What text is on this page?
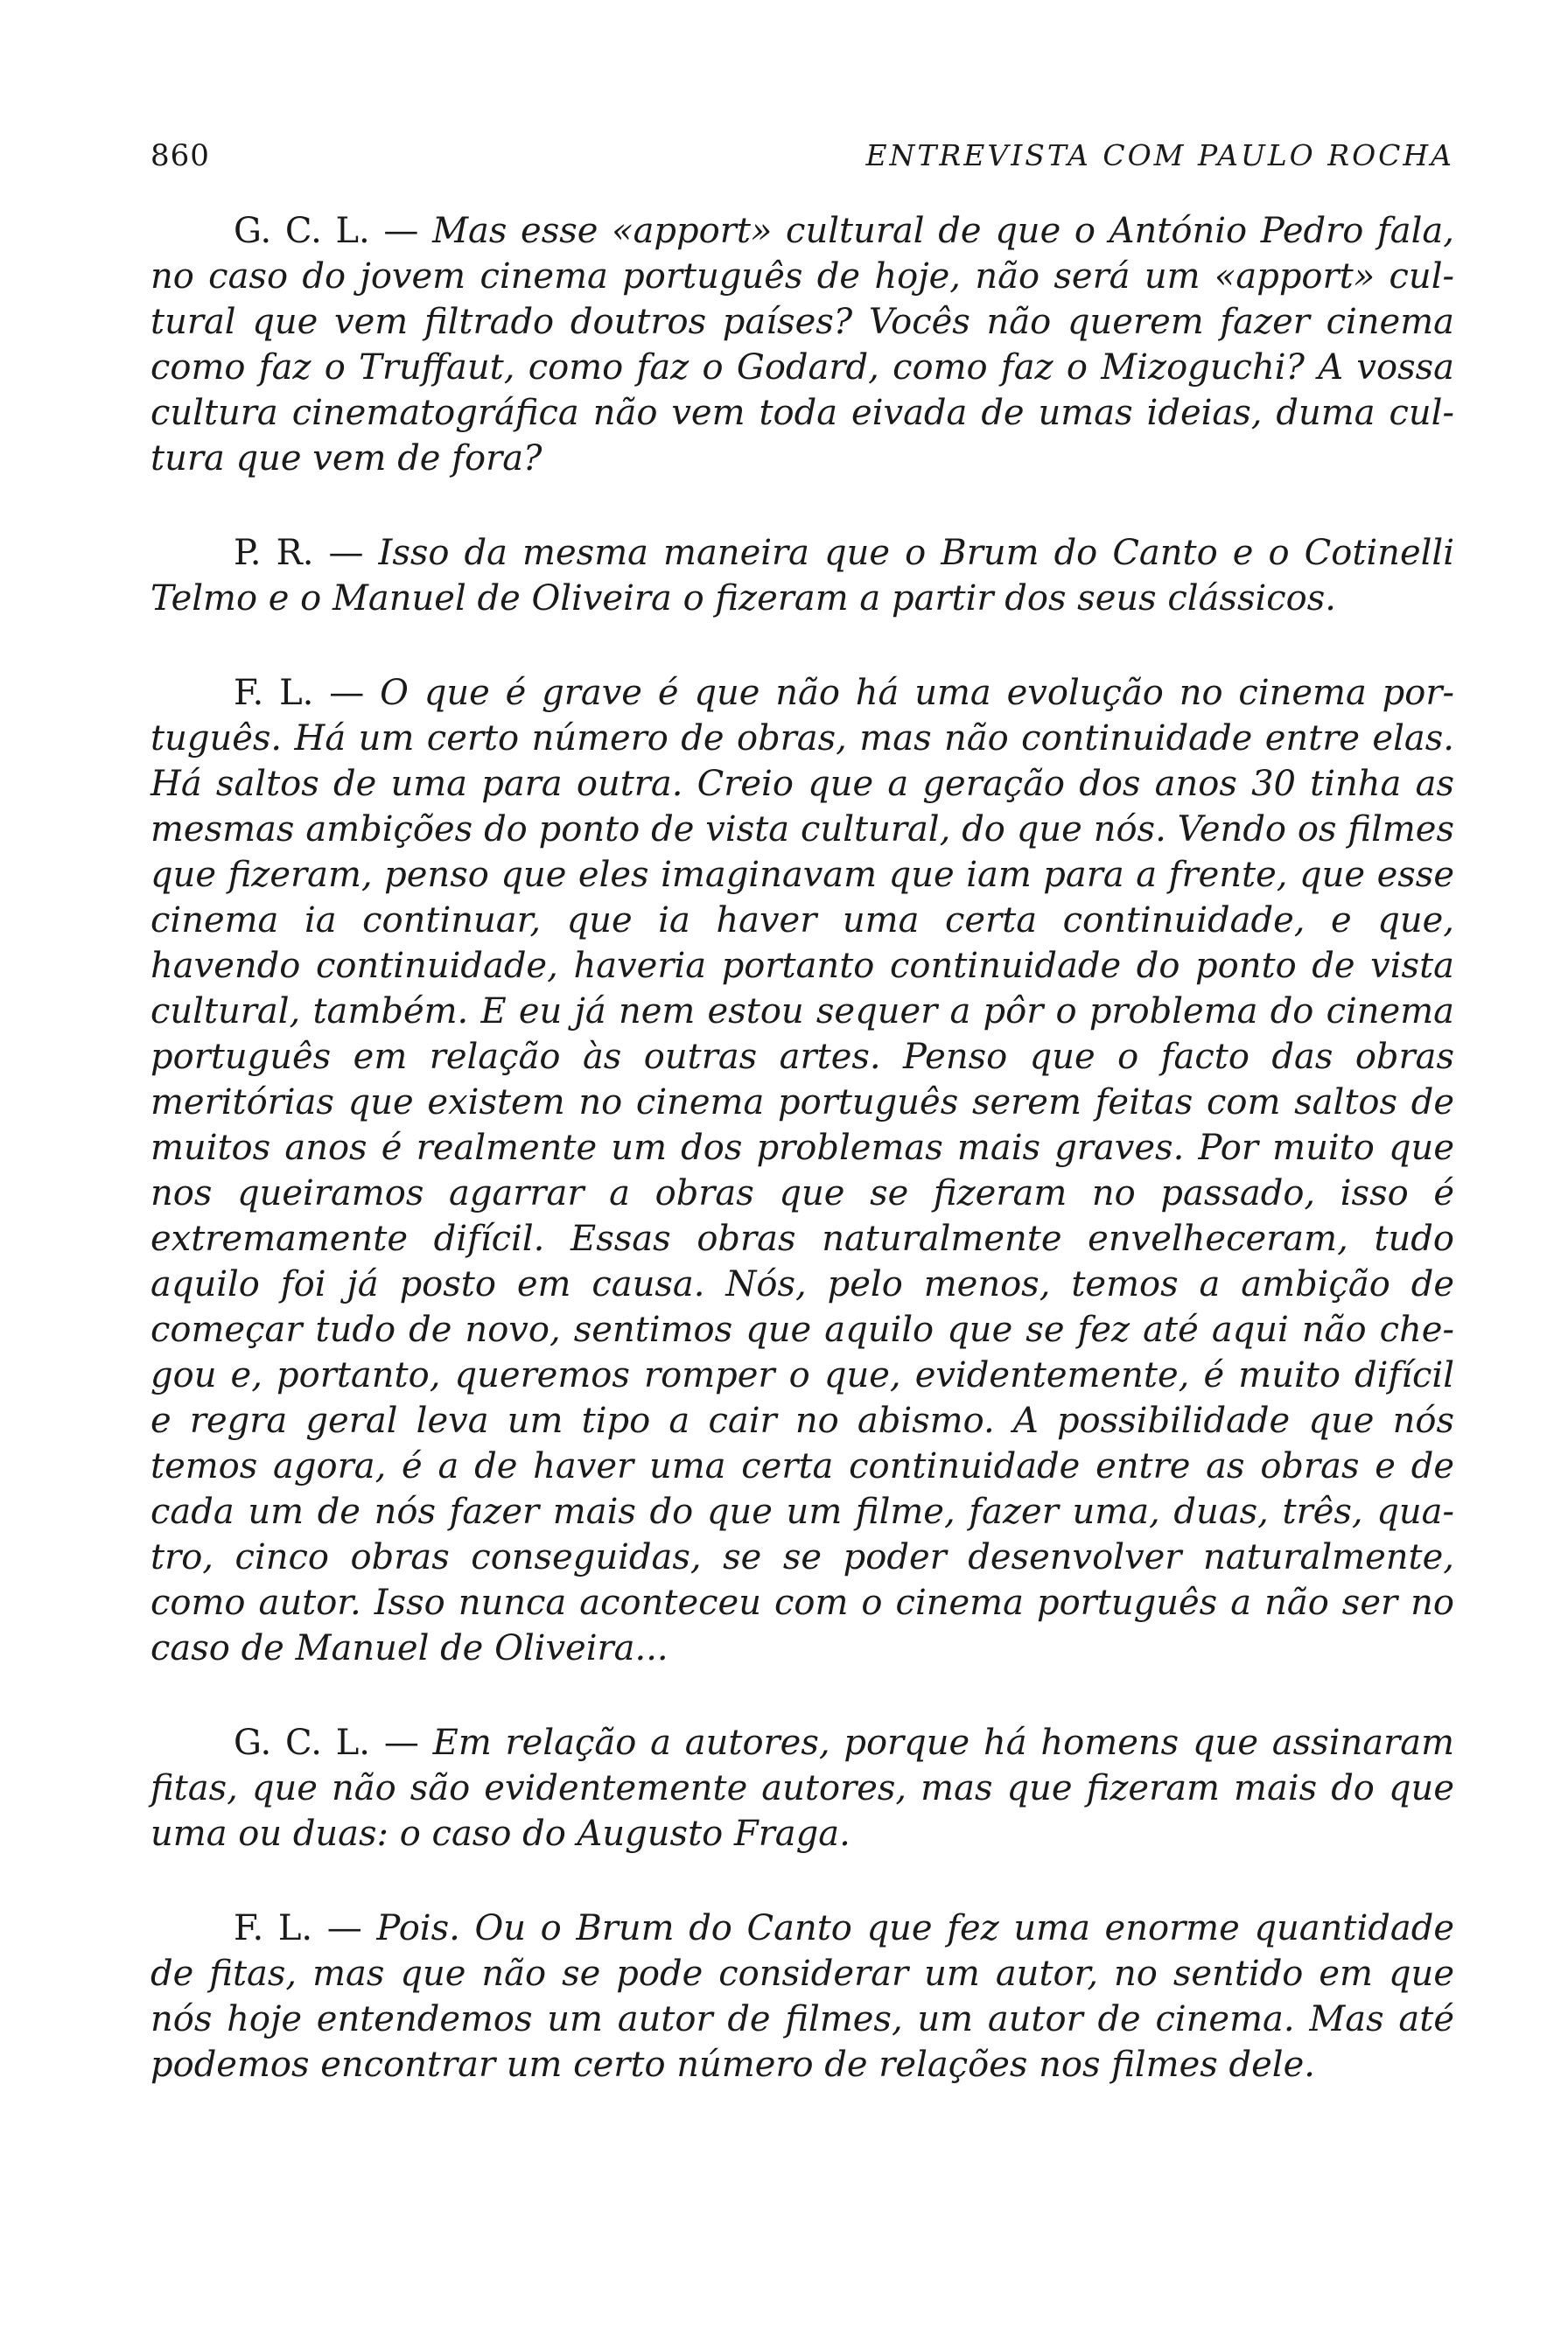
860	ENTREVISTA COM PAULO ROCHA

G. C. L. — Mas esse «apport» cultural de que o António Pedro fala, no caso do jovem cinema português de hoje, não será um «apport» cultural que vem filtrado doutros países? Vocês não querem fazer cinema como faz o Truffaut, como faz o Godard, como faz o Mizoguchi? A vossa cultura cinematográfica não vem toda eivada de umas ideias, duma cultura que vem de fora?

P. R. — Isso da mesma maneira que o Brum do Canto e o Cotinelli Telmo e o Manuel de Oliveira o fizeram a partir dos seus clássicos.

F. L. — O que é grave é que não há uma evolução no cinema português. Há um certo número de obras, mas não continuidade entre elas. Há saltos de uma para outra. Creio que a geração dos anos 30 tinha as mesmas ambições do ponto de vista cultural, do que nós. Vendo os filmes que fizeram, penso que eles imaginavam que iam para a frente, que esse cinema ia continuar, que ia haver uma certa continuidade, e que, havendo continuidade, haveria portanto continuidade do ponto de vista cultural, também. E eu já nem estou sequer a pôr o problema do cinema português em relação às outras artes. Penso que o facto das obras meritórias que existem no cinema português serem feitas com saltos de muitos anos é realmente um dos problemas mais graves. Por muito que nos queiramos agarrar a obras que se fizeram no passado, isso é extremamente difícil. Essas obras naturalmente envelheceram, tudo aquilo foi já posto em causa. Nós, pelo menos, temos a ambição de começar tudo de novo, sentimos que aquilo que se fez até aqui não chegou e, portanto, queremos romper o que, evidentemente, é muito difícil e regra geral leva um tipo a cair no abismo. A possibilidade que nós temos agora, é a de haver uma certa continuidade entre as obras e de cada um de nós fazer mais do que um filme, fazer uma, duas, três, quatro, cinco obras conseguidas, se se poder desenvolver naturalmente, como autor. Isso nunca aconteceu com o cinema português a não ser no caso de Manuel de Oliveira...

G. C. L. — Em relação a autores, porque há homens que assinaram fitas, que não são evidentemente autores, mas que fizeram mais do que uma ou duas: o caso do Augusto Fraga.

F. L. — Pois. Ou o Brum do Canto que fez uma enorme quantidade de fitas, mas que não se pode considerar um autor, no sentido em que nós hoje entendemos um autor de filmes, um autor de cinema. Mas até podemos encontrar um certo número de relações nos filmes dele.
